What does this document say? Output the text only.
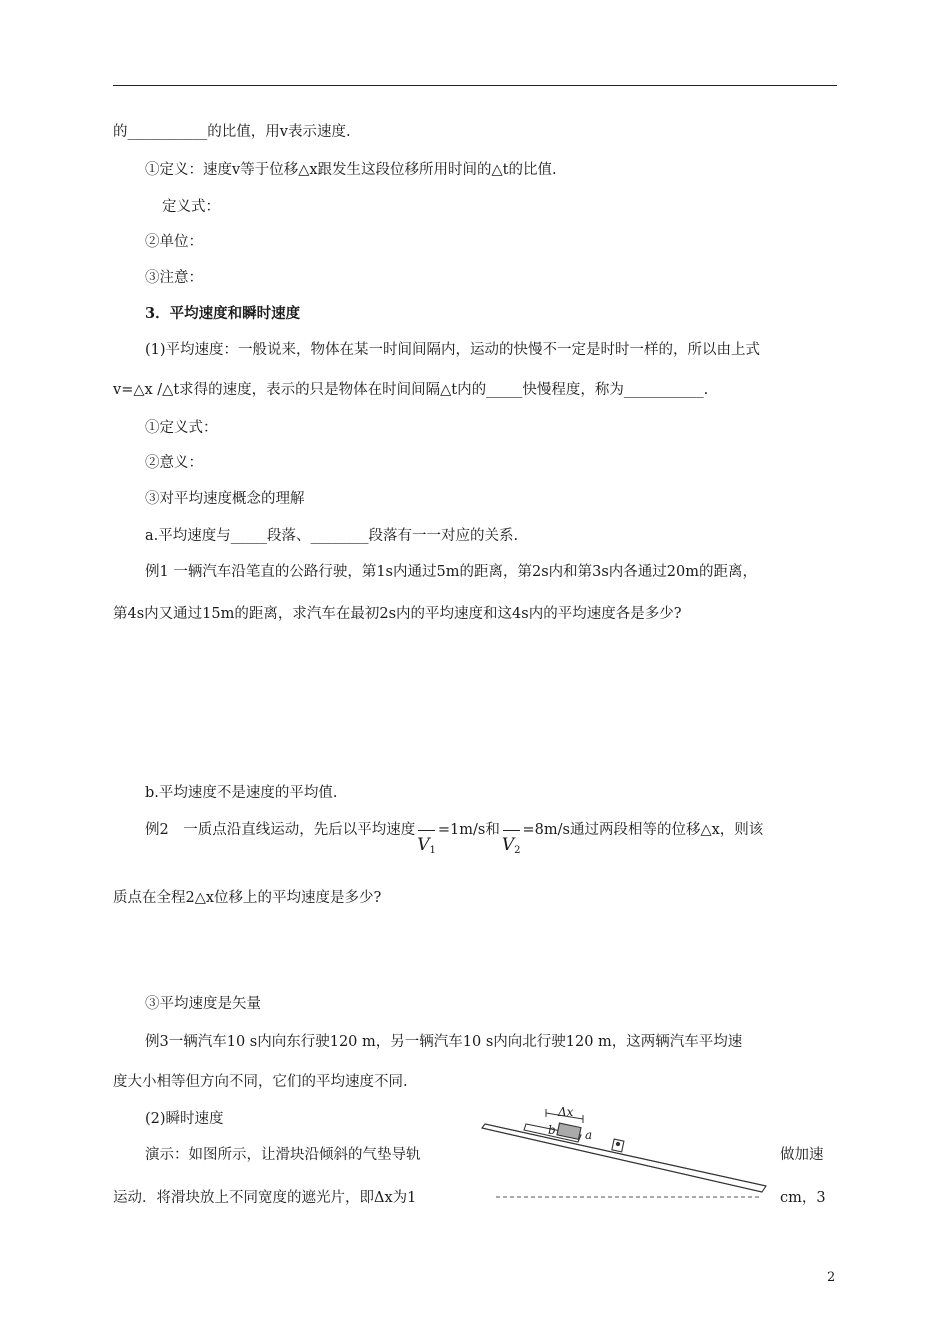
的___________的比值，用v表示速度.
①定义：速度v等于位移△x跟发生这段位移所用时间的△t的比值.
定义式：
②单位：
③注意：
3．平均速度和瞬时速度
(1)平均速度：一般说来，物体在某一时间间隔内，运动的快慢不一定是时时一样的，所以由上式
v=△x /△t求得的速度，表示的只是物体在时间间隔△t内的_____快慢程度，称为___________.
①定义式：
②意义：
③对平均速度概念的理解
a.平均速度与_____段落、________段落有一一对应的关系.
例1 一辆汽车沿笔直的公路行驶，第1s内通过5m的距离，第2s内和第3s内各通过20m的距离，
第4s内又通过15m的距离，求汽车在最初2s内的平均速度和这4s内的平均速度各是多少?
b.平均速度不是速度的平均值.
例2　一质点沿直线运动，先后以平均速度
$V_1=1m/s$和
$V_2=8m/s$通过两段相等的位移△x，则该
质点在全程2△x位移上的平均速度是多少?
③平均速度是矢量
例3一辆汽车10 s内向东行驶120 m，另一辆汽车10 s内向北行驶120 m，这两辆汽车平均速
度大小相等但方向不同，它们的平均速度不同.
(2)瞬时速度
演示：如图所示，让滑块沿倾斜的气垫导轨	做加速
运动．将滑块放上不同宽度的遮光片，即Δx为1	cm，3
Δx
b a
2
